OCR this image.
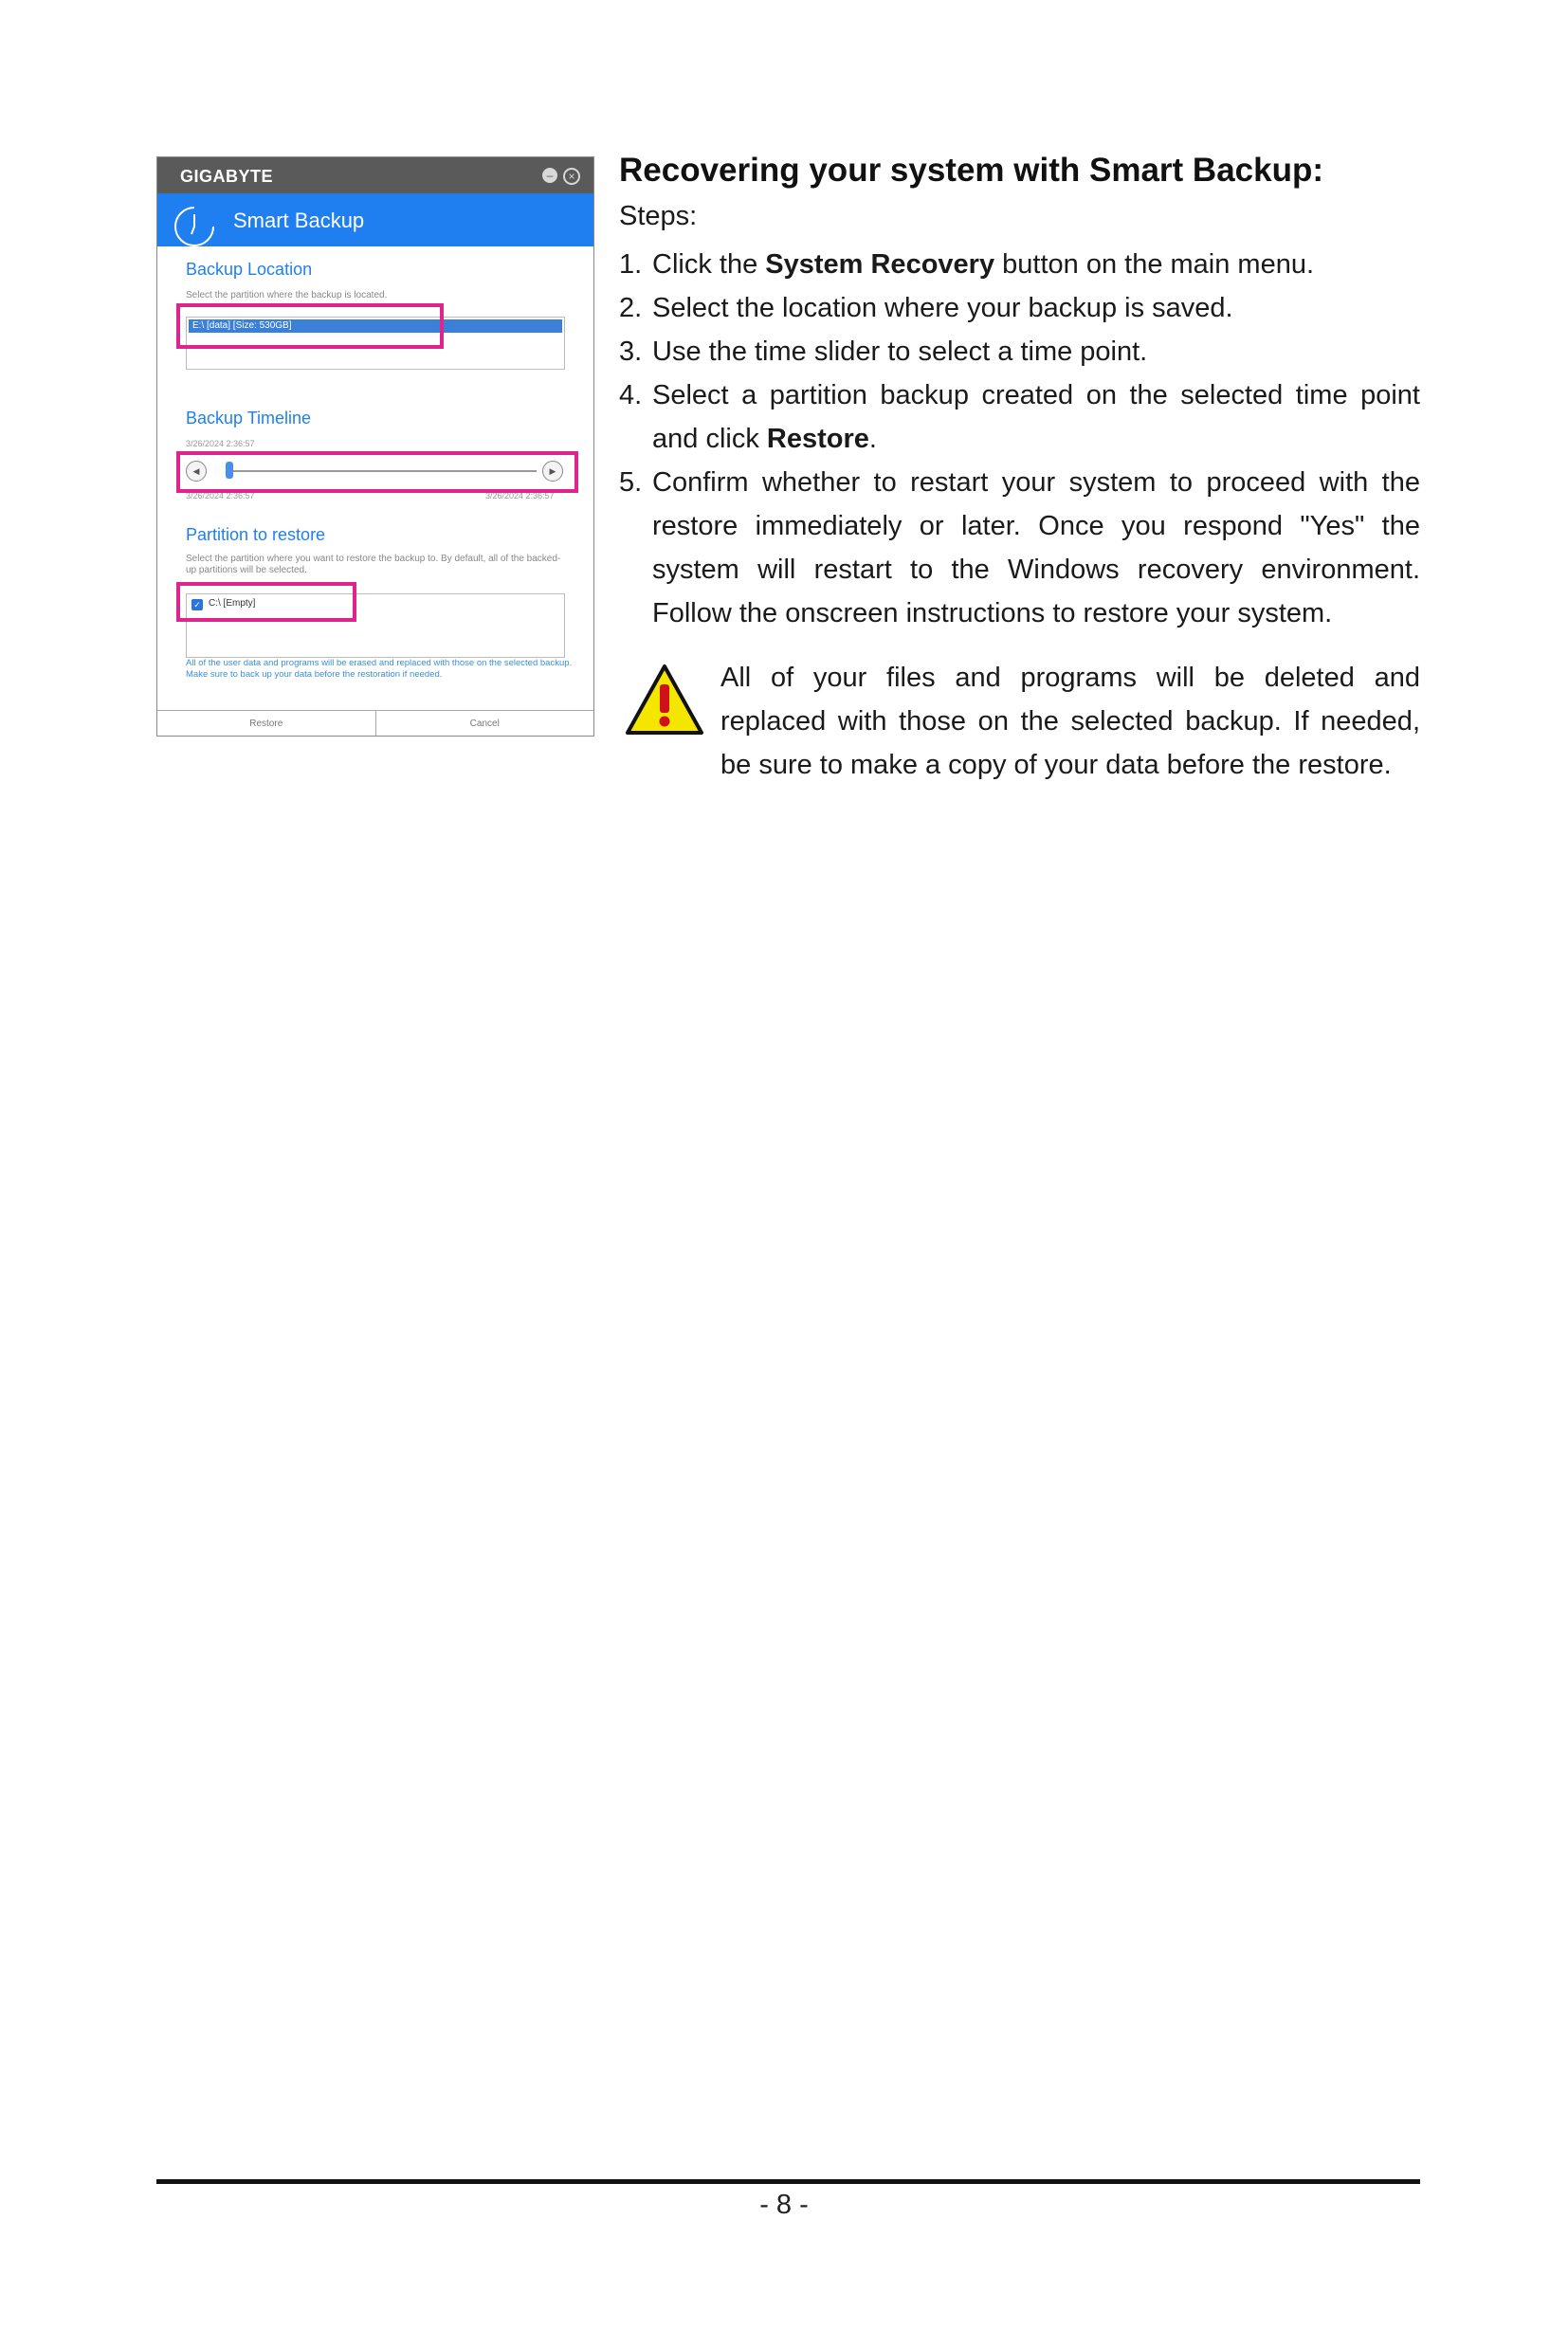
GIGABYTE	–	×
Smart Backup
Backup Location
Select the partition where the backup is located.
E:\ [data] [Size: 530GB]
Backup Timeline
3/26/2024 2:36:57
◀	▶
3/26/2024 2:36:57	3/26/2024 2:36:57
Partition to restore
Select the partition where you want to restore the backup to. By default, all of the backed-up partitions will be selected.
✓ C:\ [Empty]
All of the user data and programs will be erased and replaced with those on the selected backup. Make sure to back up your data before the restoration if needed.
Restore	Cancel
Recovering your system with Smart Backup:
Steps:
1. Click the System Recovery button on the main menu.
2. Select the location where your backup is saved.
3. Use the time slider to select a time point.
4. Select a partition backup created on the selected time point and click Restore.
5. Confirm whether to restart your system to proceed with the restore immediately or later. Once you respond "Yes" the system will restart to the Windows recovery environment. Follow the onscreen instructions to restore your system.
All of your files and programs will be deleted and replaced with those on the selected backup. If needed, be sure to make a copy of your data before the restore.
- 8 -
